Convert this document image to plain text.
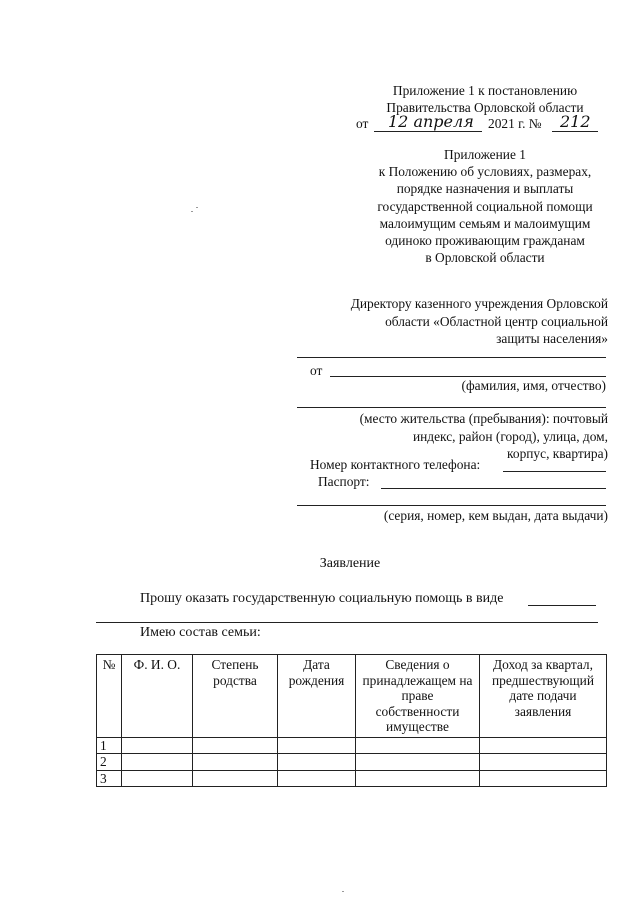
Приложение 1 к постановлению
Правительства Орловской области
от 12 апреля 2021 г. № 212
Приложение 1
к Положению об условиях, размерах,
порядке назначения и выплаты
государственной социальной помощи
малоимущим семьям и малоимущим
одиноко проживающим гражданам
в Орловской области
Директору казенного учреждения Орловской
области «Областной центр социальной
защиты населения»
от
(фамилия, имя, отчество)
(место жительства (пребывания): почтовый
индекс, район (город), улица, дом,
корпус, квартира)
Номер контактного телефона:
Паспорт:
(серия, номер, кем выдан, дата выдачи)
Заявление
Прошу оказать государственную социальную помощь в виде
Имею состав семьи:
№	Ф. И. О.	Степень родства	Дата рождения	Сведения о принадлежащем на праве собственности имуществе	Доход за квартал, предшествующий дате подачи заявления
1					
2					
3					
